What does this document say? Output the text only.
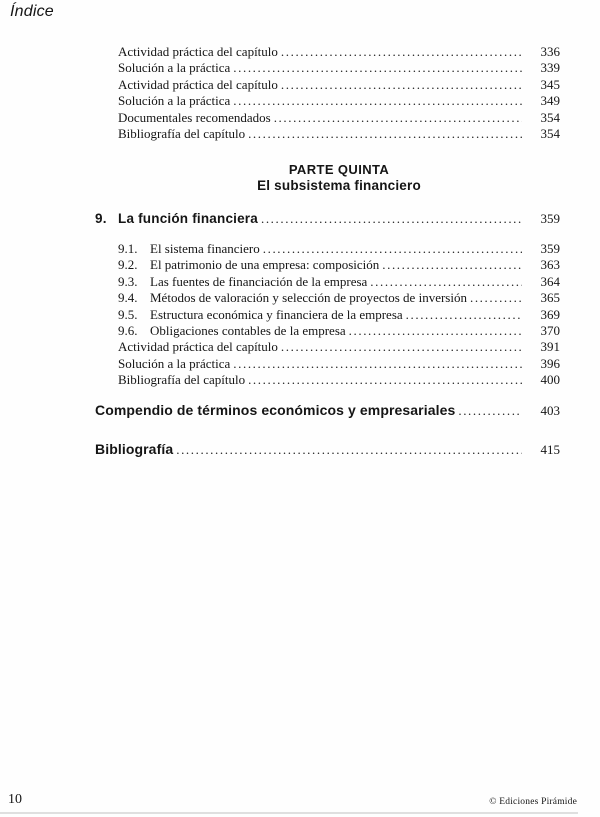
Índice
Actividad práctica del capítulo .....	336
Solución a la práctica .....	339
Actividad práctica del capítulo .....	345
Solución a la práctica .....	349
Documentales recomendados .....	354
Bibliografía del capítulo .....	354
PARTE QUINTA
El subsistema financiero
9. La función financiera .....	359
9.1. El sistema financiero .....	359
9.2. El patrimonio de una empresa: composición .....	363
9.3. Las fuentes de financiación de la empresa .....	364
9.4. Métodos de valoración y selección de proyectos de inversión .....	365
9.5. Estructura económica y financiera de la empresa .....	369
9.6. Obligaciones contables de la empresa .....	370
Actividad práctica del capítulo .....	391
Solución a la práctica .....	396
Bibliografía del capítulo .....	400
Compendio de términos económicos y empresariales .....	403
Bibliografía .....	415
10	© Ediciones Pirámide
